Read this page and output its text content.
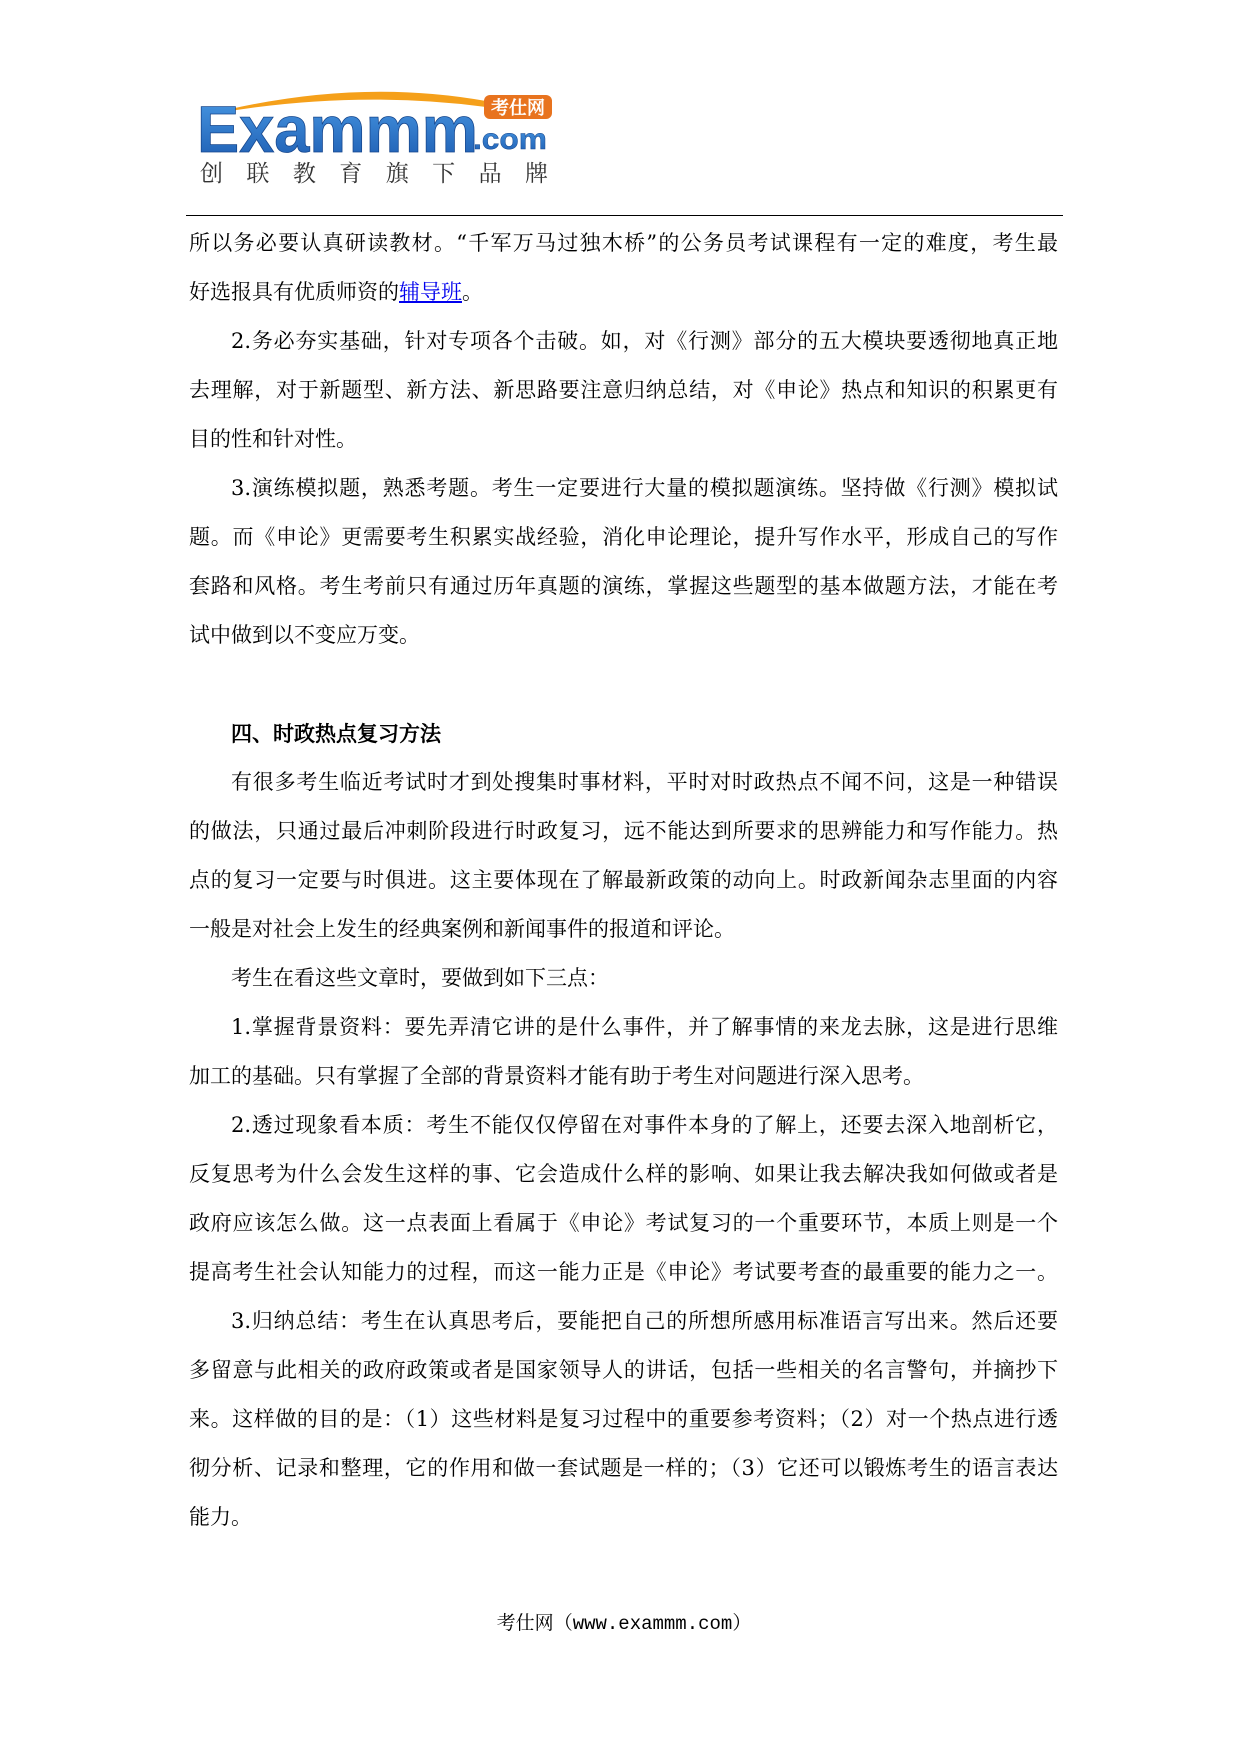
Exammm
.com
考仕网
创联教育旗下品牌
所以务必要认真研读教材。“千军万马过独木桥”的公务员考试课程有一定的难度，考生最
好选报具有优质师资的辅导班。
2.务必夯实基础，针对专项各个击破。如，对《行测》部分的五大模块要透彻地真正地
去理解，对于新题型、新方法、新思路要注意归纳总结，对《申论》热点和知识的积累更有
目的性和针对性。
3.演练模拟题，熟悉考题。考生一定要进行大量的模拟题演练。坚持做《行测》模拟试
题。而《申论》更需要考生积累实战经验，消化申论理论，提升写作水平，形成自己的写作
套路和风格。考生考前只有通过历年真题的演练，掌握这些题型的基本做题方法，才能在考
试中做到以不变应万变。
四、时政热点复习方法
有很多考生临近考试时才到处搜集时事材料，平时对时政热点不闻不问，这是一种错误
的做法，只通过最后冲刺阶段进行时政复习，远不能达到所要求的思辨能力和写作能力。热
点的复习一定要与时俱进。这主要体现在了解最新政策的动向上。时政新闻杂志里面的内容
一般是对社会上发生的经典案例和新闻事件的报道和评论。
考生在看这些文章时，要做到如下三点：
1.掌握背景资料：要先弄清它讲的是什么事件，并了解事情的来龙去脉，这是进行思维
加工的基础。只有掌握了全部的背景资料才能有助于考生对问题进行深入思考。
2.透过现象看本质：考生不能仅仅停留在对事件本身的了解上，还要去深入地剖析它，
反复思考为什么会发生这样的事、它会造成什么样的影响、如果让我去解决我如何做或者是
政府应该怎么做。这一点表面上看属于《申论》考试复习的一个重要环节，本质上则是一个
提高考生社会认知能力的过程，而这一能力正是《申论》考试要考查的最重要的能力之一。
3.归纳总结：考生在认真思考后，要能把自己的所想所感用标准语言写出来。然后还要
多留意与此相关的政府政策或者是国家领导人的讲话，包括一些相关的名言警句，并摘抄下
来。这样做的目的是：（1）这些材料是复习过程中的重要参考资料；（2）对一个热点进行透
彻分析、记录和整理，它的作用和做一套试题是一样的；（3）它还可以锻炼考生的语言表达
能力。
考仕网（www.exammm.com）
